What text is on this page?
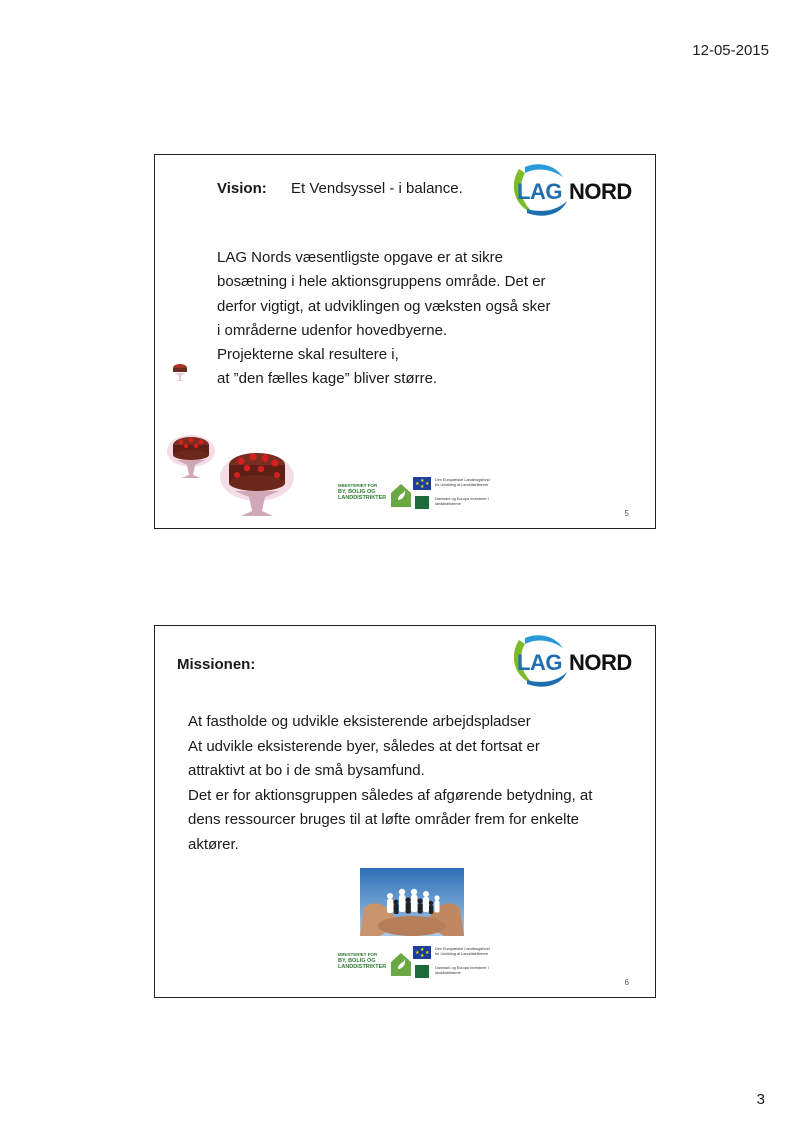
12-05-2015
Vision: Et Vendsyssel - i balance. LAG NORD
LAG Nords væsentligste opgave er at sikre
bosætning i hele aktionsgruppens område. Det er
derfor vigtigt, at udviklingen og væksten også sker
i områderne udenfor hovedbyerne.
Projekterne skal resultere i,
at ”den fælles kage” bliver større.
MINISTERIET FOR
BY, BOLIG OG
LANDDISTRIKTER
★
★ ★
★
Den Europæiske Landbrugsfond
for Udvikling af Landdistrikterne
Danmark og Europa investerer i
landdistrikterne
5
Missionen:	LAG NORD
At fastholde og udvikle eksisterende arbejdspladser
At udvikle eksisterende byer, således at det fortsat er
attraktivt at bo i de små bysamfund.
Det er for aktionsgruppen således af afgørende betydning, at
dens ressourcer bruges til at løfte områder frem for enkelte
aktører.
MINISTERIET FOR
BY, BOLIG OG
LANDDISTRIKTER
★
★ ★
★
Den Europæiske Landbrugsfond
for Udvikling af Landdistrikterne
Danmark og Europa investerer i
landdistrikterne
6
3
